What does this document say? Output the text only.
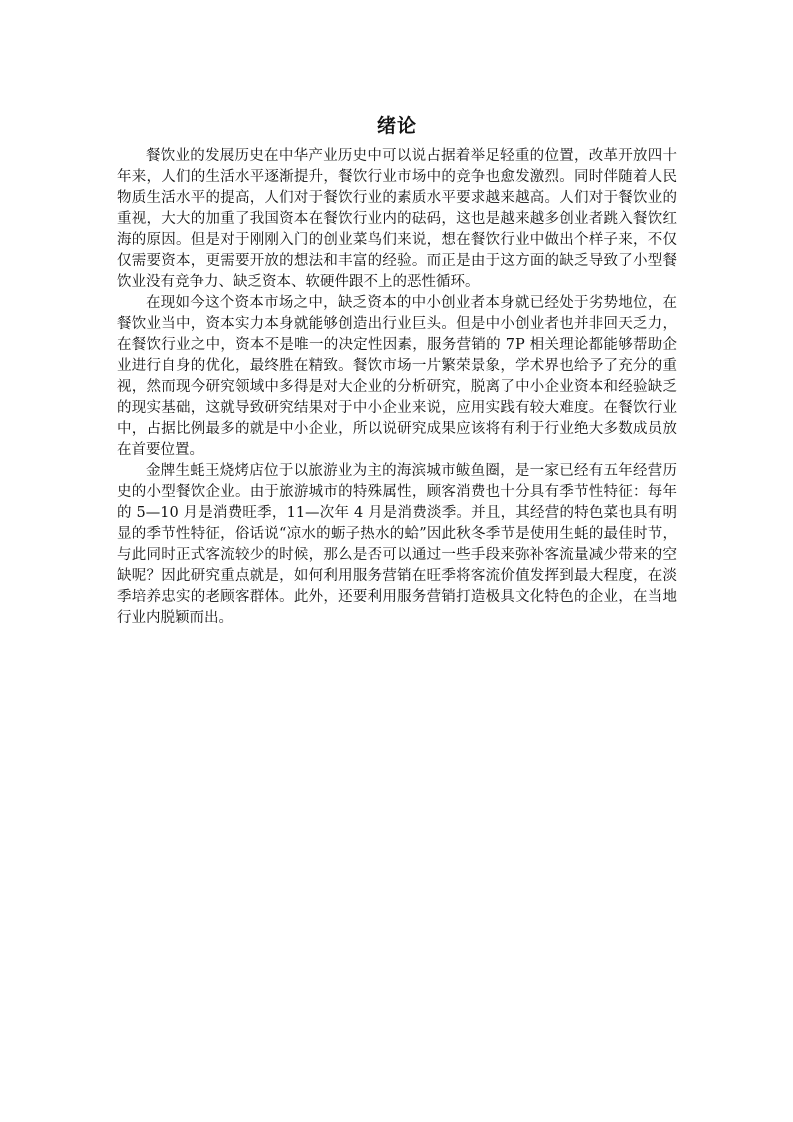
绪论

餐饮业的发展历史在中华产业历史中可以说占据着举足轻重的位置，改革开放四十年来，人们的生活水平逐渐提升，餐饮行业市场中的竞争也愈发激烈。同时伴随着人民物质生活水平的提高，人们对于餐饮行业的素质水平要求越来越高。人们对于餐饮业的重视，大大的加重了我国资本在餐饮行业内的砝码，这也是越来越多创业者跳入餐饮红海的原因。但是对于刚刚入门的创业菜鸟们来说，想在餐饮行业中做出个样子来，不仅仅需要资本，更需要开放的想法和丰富的经验。而正是由于这方面的缺乏导致了小型餐饮业没有竞争力、缺乏资本、软硬件跟不上的恶性循环。

在现如今这个资本市场之中，缺乏资本的中小创业者本身就已经处于劣势地位，在餐饮业当中，资本实力本身就能够创造出行业巨头。但是中小创业者也并非回天乏力，在餐饮行业之中，资本不是唯一的决定性因素，服务营销的 7P 相关理论都能够帮助企业进行自身的优化，最终胜在精致。餐饮市场一片繁荣景象，学术界也给予了充分的重视，然而现今研究领域中多得是对大企业的分析研究，脱离了中小企业资本和经验缺乏的现实基础，这就导致研究结果对于中小企业来说，应用实践有较大难度。在餐饮行业中，占据比例最多的就是中小企业，所以说研究成果应该将有利于行业绝大多数成员放在首要位置。

金牌生蚝王烧烤店位于以旅游业为主的海滨城市鲅鱼圈，是一家已经有五年经营历史的小型餐饮企业。由于旅游城市的特殊属性，顾客消费也十分具有季节性特征：每年的 5—10 月是消费旺季，11—次年 4 月是消费淡季。并且，其经营的特色菜也具有明显的季节性特征，俗话说“凉水的蛎子热水的蛤”因此秋冬季节是使用生蚝的最佳时节，与此同时正式客流较少的时候，那么是否可以通过一些手段来弥补客流量减少带来的空缺呢？因此研究重点就是，如何利用服务营销在旺季将客流价值发挥到最大程度，在淡季培养忠实的老顾客群体。此外，还要利用服务营销打造极具文化特色的企业，在当地行业内脱颖而出。
